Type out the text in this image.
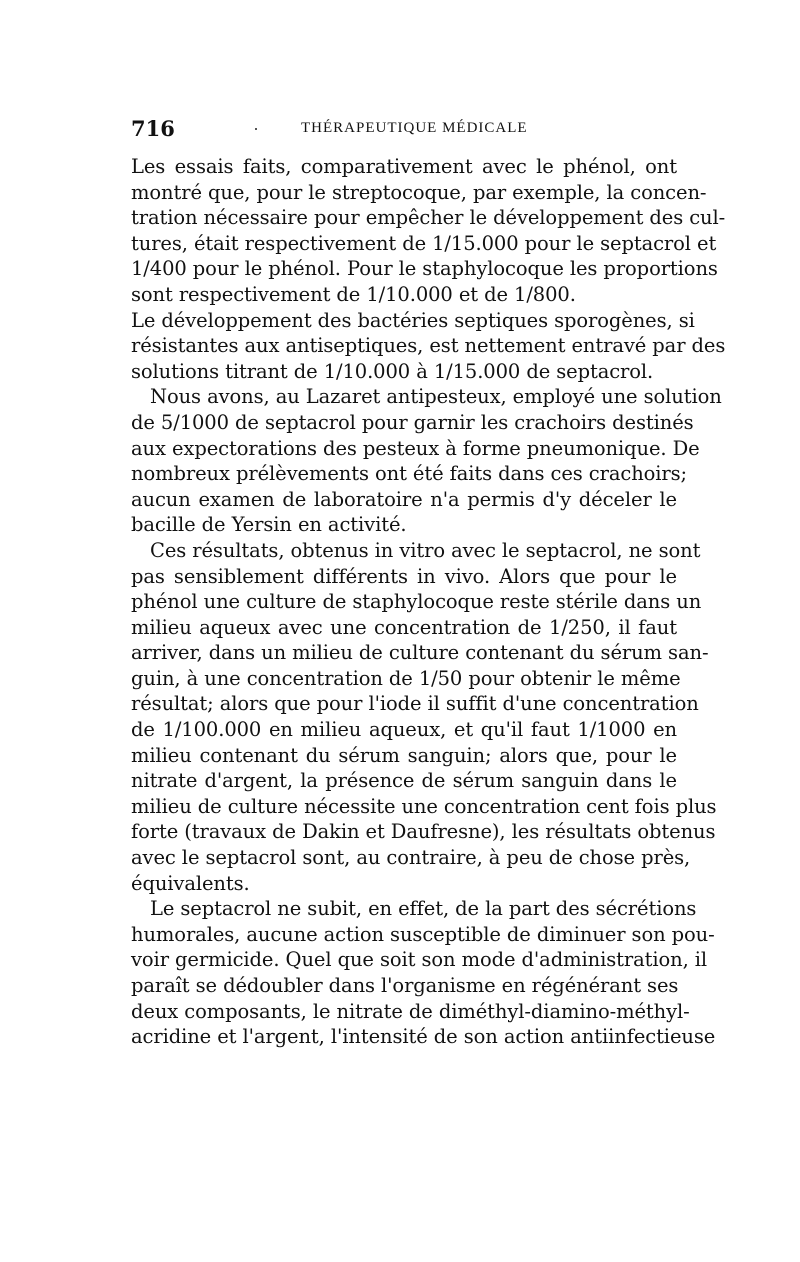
716	THÉRAPEUTIQUE MÉDICALE
Les essais faits, comparativement avec le phénol, ont
montré que, pour le streptocoque, par exemple, la concen-
tration nécessaire pour empêcher le développement des cul-
tures, était respectivement de 1/15.000 pour le septacrol et
1/400 pour le phénol. Pour le staphylocoque les proportions
sont respectivement de 1/10.000 et de 1/800.
Le développement des bactéries septiques sporogènes, si
résistantes aux antiseptiques, est nettement entravé par des
solutions titrant de 1/10.000 à 1/15.000 de septacrol.
Nous avons, au Lazaret antipesteux, employé une solution
de 5/1000 de septacrol pour garnir les crachoirs destinés
aux expectorations des pesteux à forme pneumonique. De
nombreux prélèvements ont été faits dans ces crachoirs;
aucun examen de laboratoire n'a permis d'y déceler le
bacille de Yersin en activité.
Ces résultats, obtenus in vitro avec le septacrol, ne sont
pas sensiblement différents in vivo. Alors que pour le
phénol une culture de staphylocoque reste stérile dans un
milieu aqueux avec une concentration de 1/250, il faut
arriver, dans un milieu de culture contenant du sérum san-
guin, à une concentration de 1/50 pour obtenir le même
résultat; alors que pour l'iode il suffit d'une concentration
de 1/100.000 en milieu aqueux, et qu'il faut 1/1000 en
milieu contenant du sérum sanguin; alors que, pour le
nitrate d'argent, la présence de sérum sanguin dans le
milieu de culture nécessite une concentration cent fois plus
forte (travaux de Dakin et Daufresne), les résultats obtenus
avec le septacrol sont, au contraire, à peu de chose près,
équivalents.
Le septacrol ne subit, en effet, de la part des sécrétions
humorales, aucune action susceptible de diminuer son pou-
voir germicide. Quel que soit son mode d'administration, il
paraît se dédoubler dans l'organisme en régénérant ses
deux composants, le nitrate de diméthyl-diamino-méthyl-
acridine et l'argent, l'intensité de son action antiinfectieuse
